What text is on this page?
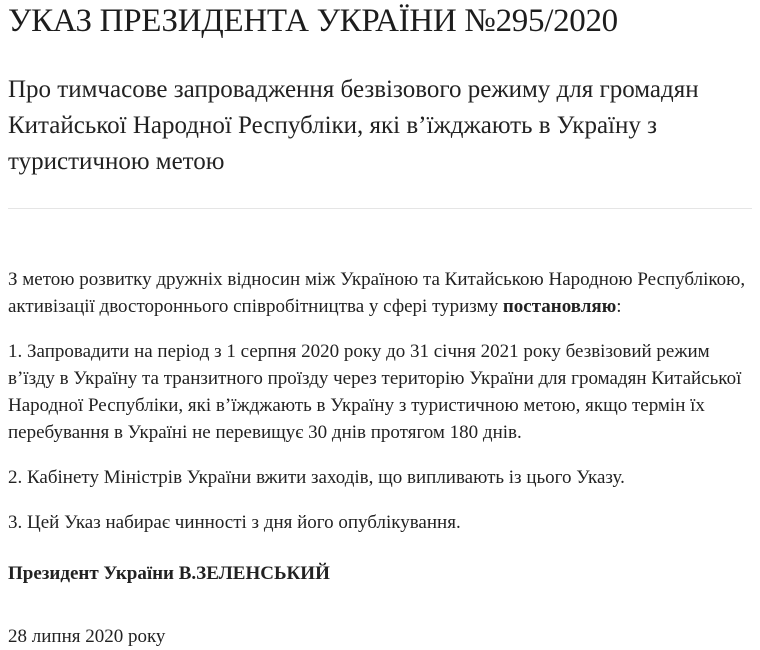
УКАЗ ПРЕЗИДЕНТА УКРАЇНИ №295/2020
Про тимчасове запровадження безвізового режиму для громадян Китайської Народної Республіки, які в’їжджають в Україну з туристичною метою

З метою розвитку дружніх відносин між Україною та Китайською Народною Республікою, активізації двостороннього співробітництва у сфері туризму постановляю:

1. Запровадити на період з 1 серпня 2020 року до 31 січня 2021 року безвізовий режим в’їзду в Україну та транзитного проїзду через територію України для громадян Китайської Народної Республіки, які в’їжджають в Україну з туристичною метою, якщо термін їх перебування в Україні не перевищує 30 днів протягом 180 днів.

2. Кабінету Міністрів України вжити заходів, що випливають із цього Указу.

3. Цей Указ набирає чинності з дня його опублікування.

Президент України В.ЗЕЛЕНСЬКИЙ

28 липня 2020 року
